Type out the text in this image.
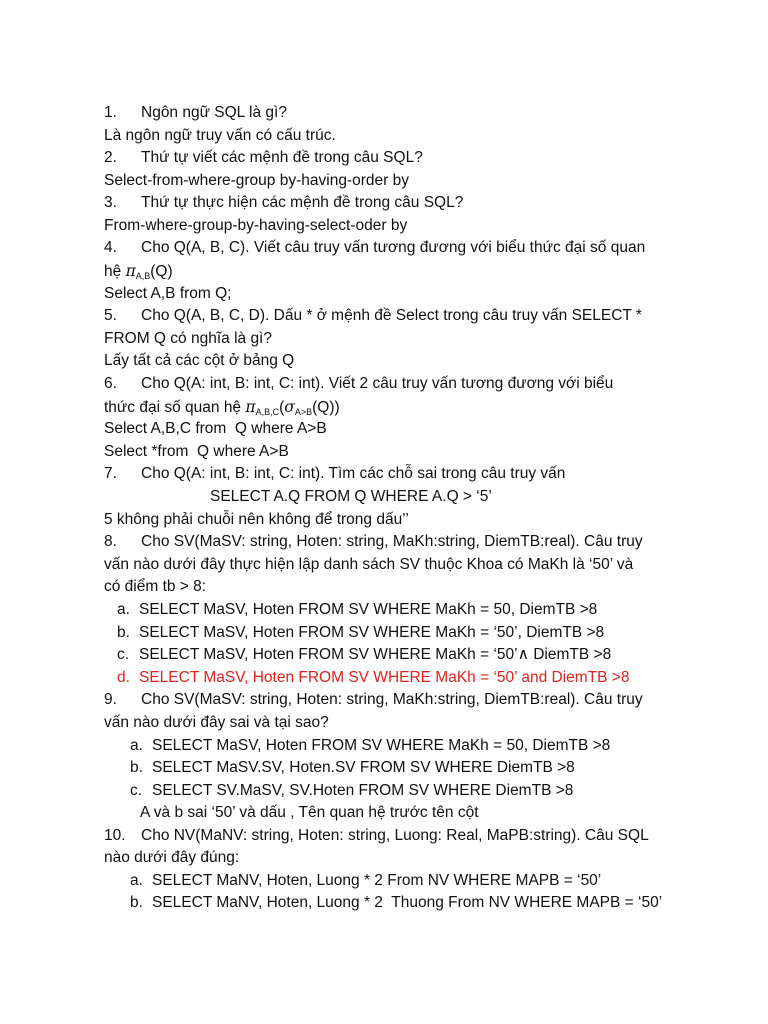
1. Ngôn ngữ SQL là gì?
Là ngôn ngữ truy vấn có cấu trúc.
2. Thứ tự viết các mệnh đề trong câu SQL?
Select-from-where-group by-having-order by
3. Thứ tự thực hiện các mệnh đề trong câu SQL?
From-where-group-by-having-select-oder by
4. Cho Q(A, B, C). Viết câu truy vấn tương đương với biểu thức đại số quan
hệ $\pi_{A,B}(Q)$
Select A,B from Q;
5. Cho Q(A, B, C, D). Dấu * ở mệnh đề Select trong câu truy vấn SELECT *
FROM Q có nghĩa là gì?
Lấy tất cả các cột ở bảng Q
6. Cho Q(A: int, B: int, C: int). Viết 2 câu truy vấn tương đương với biểu
thức đại số quan hệ $\pi_{A,B,C}(\sigma_{A>B}(Q))$
Select A,B,C from  Q where A>B
Select *from  Q where A>B
7. Cho Q(A: int, B: int, C: int). Tìm các chỗ sai trong câu truy vấn
SELECT A.Q FROM Q WHERE A.Q > ‘5’
5 không phải chuỗi nên không để trong dấu’’
8. Cho SV(MaSV: string, Hoten: string, MaKh:string, DiemTB:real). Câu truy
vấn nào dưới đây thực hiện lập danh sách SV thuộc Khoa có MaKh là ‘50’ và
có điểm tb > 8:
a. SELECT MaSV, Hoten FROM SV WHERE MaKh = 50, DiemTB >8
b. SELECT MaSV, Hoten FROM SV WHERE MaKh = ‘50’, DiemTB >8
c. SELECT MaSV, Hoten FROM SV WHERE MaKh = ‘50’∧ DiemTB >8
d. SELECT MaSV, Hoten FROM SV WHERE MaKh = ‘50’ and DiemTB >8
9. Cho SV(MaSV: string, Hoten: string, MaKh:string, DiemTB:real). Câu truy
vấn nào dưới đây sai và tại sao?
a. SELECT MaSV, Hoten FROM SV WHERE MaKh = 50, DiemTB >8
b. SELECT MaSV.SV, Hoten.SV FROM SV WHERE DiemTB >8
c. SELECT SV.MaSV, SV.Hoten FROM SV WHERE DiemTB >8
A và b sai ‘50’ và dấu , Tên quan hệ trước tên cột
10. Cho NV(MaNV: string, Hoten: string, Luong: Real, MaPB:string). Câu SQL
nào dưới đây đúng:
a. SELECT MaNV, Hoten, Luong * 2 From NV WHERE MAPB = ‘50’
b. SELECT MaNV, Hoten, Luong * 2  Thuong From NV WHERE MAPB = ‘50’
